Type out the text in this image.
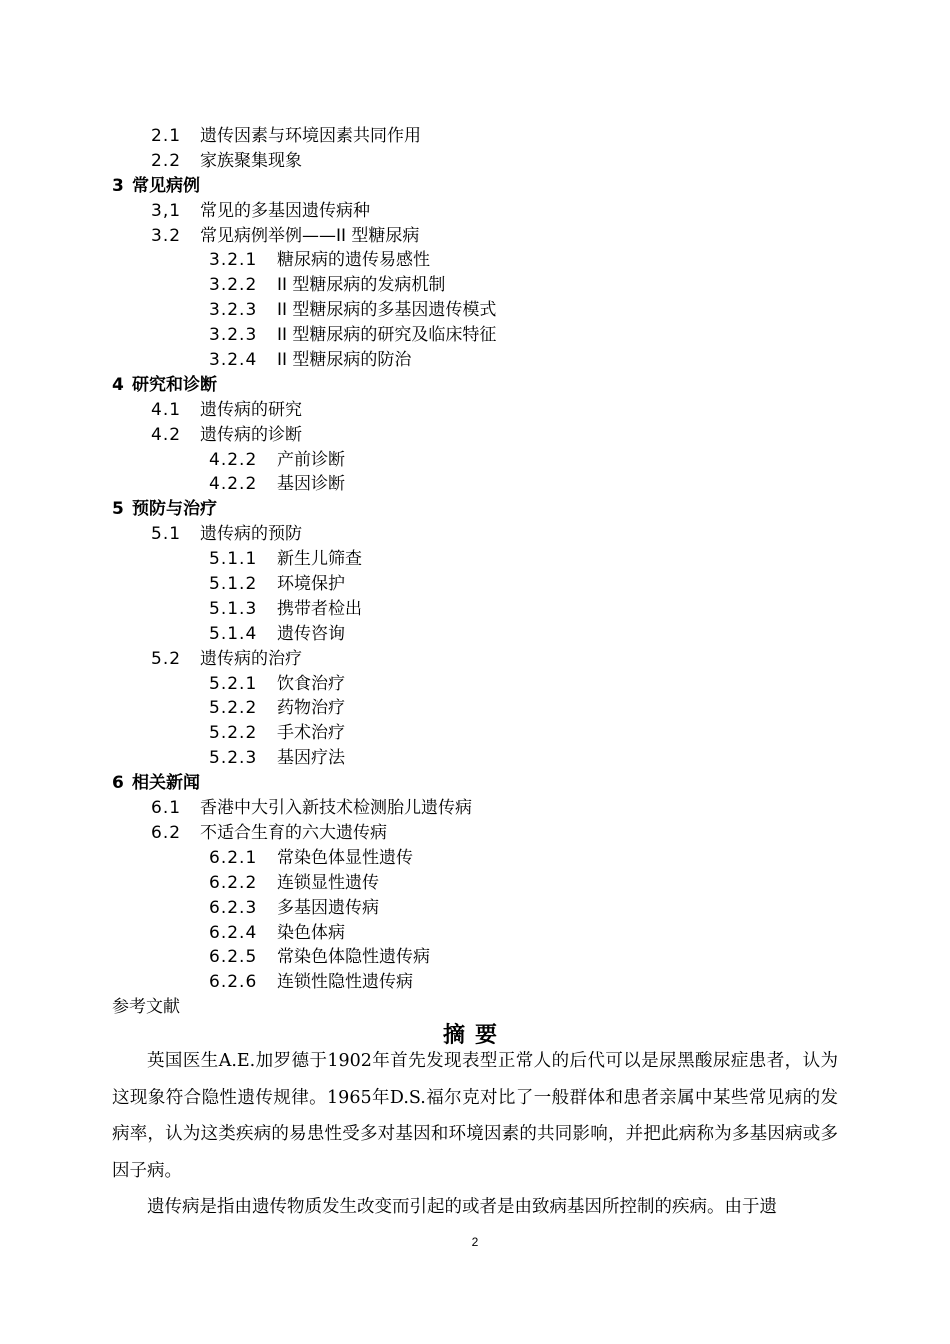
2.1 遗传因素与环境因素共同作用
2.2 家族聚集现象
3 常见病例
3,1 常见的多基因遗传病种
3.2 常见病例举例——II 型糖尿病
3.2.1 糖尿病的遗传易感性
3.2.2 II 型糖尿病的发病机制
3.2.3 II 型糖尿病的多基因遗传模式
3.2.3 II 型糖尿病的研究及临床特征
3.2.4 II 型糖尿病的防治
4 研究和诊断
4.1 遗传病的研究
4.2 遗传病的诊断
4.2.2 产前诊断
4.2.2 基因诊断
5 预防与治疗
5.1 遗传病的预防
5.1.1 新生儿筛查
5.1.2 环境保护
5.1.3 携带者检出
5.1.4 遗传咨询
5.2 遗传病的治疗
5.2.1 饮食治疗
5.2.2 药物治疗
5.2.2 手术治疗
5.2.3 基因疗法
6 相关新闻
6.1 香港中大引入新技术检测胎儿遗传病
6.2 不适合生育的六大遗传病
6.2.1 常染色体显性遗传
6.2.2 连锁显性遗传
6.2.3 多基因遗传病
6.2.4 染色体病
6.2.5 常染色体隐性遗传病
6.2.6 连锁性隐性遗传病
参考文献
摘要

英国医生A.E.加罗德于1902年首先发现表型正常人的后代可以是尿黑酸尿症患者，认为这现象符合隐性遗传规律。1965年D.S.福尔克对比了一般群体和患者亲属中某些常见病的发病率，认为这类疾病的易患性受多对基因和环境因素的共同影响，并把此病称为多基因病或多因子病。

遗传病是指由遗传物质发生改变而引起的或者是由致病基因所控制的疾病。由于遗

2
